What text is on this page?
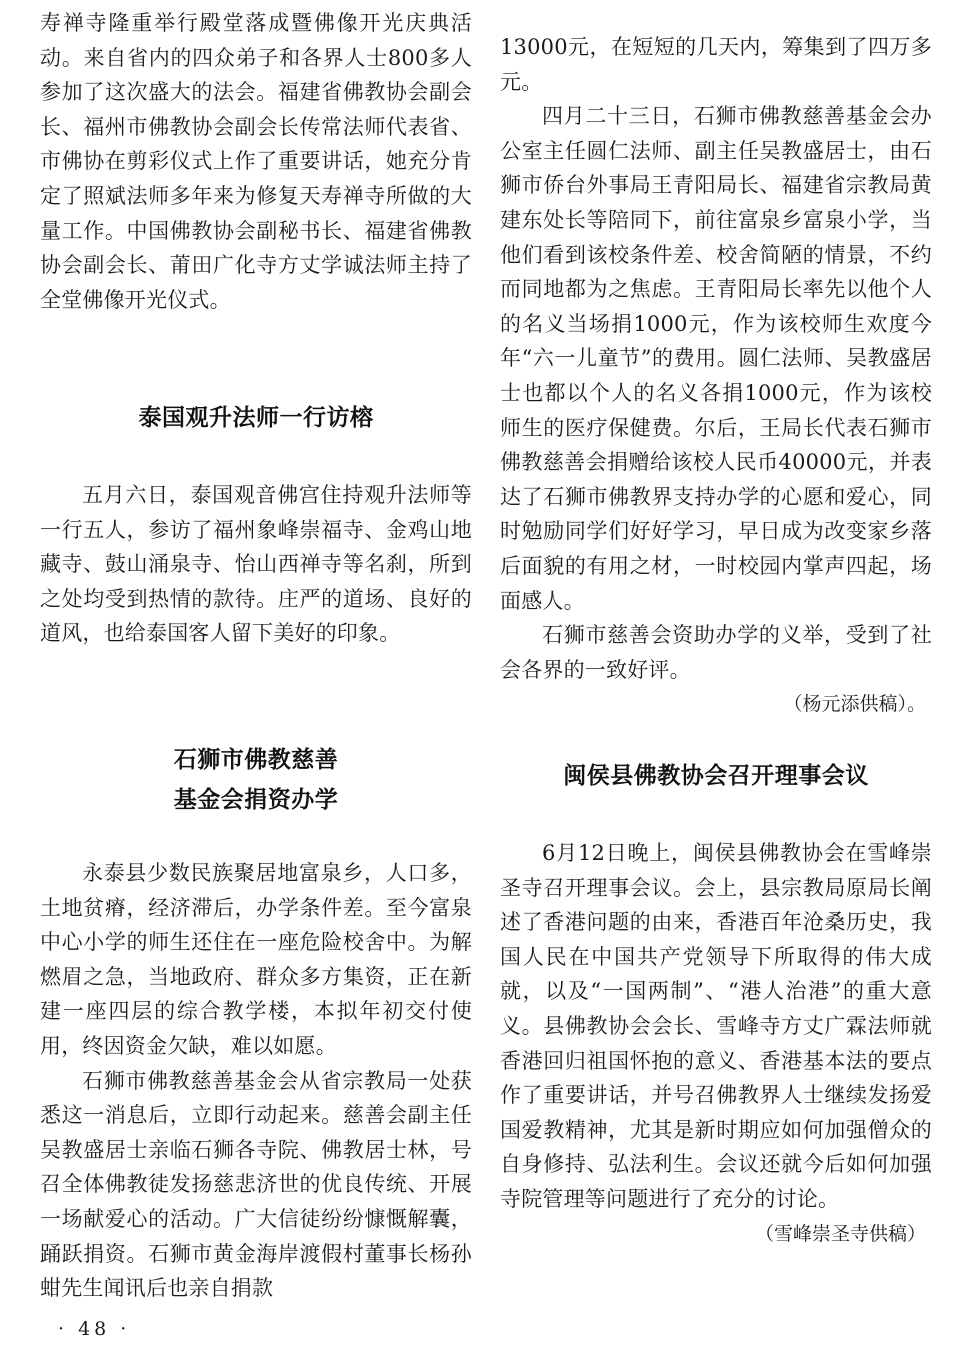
寿禅寺隆重举行殿堂落成暨佛像开光庆典活动。来自省内的四众弟子和各界人士800多人参加了这次盛大的法会。福建省佛教协会副会长、福州市佛教协会副会长传常法师代表省、市佛协在剪彩仪式上作了重要讲话，她充分肯定了照斌法师多年来为修复天寿禅寺所做的大量工作。中国佛教协会副秘书长、福建省佛教协会副会长、莆田广化寺方丈学诚法师主持了全堂佛像开光仪式。

泰国观升法师一行访榕

五月六日，泰国观音佛宫住持观升法师等一行五人，参访了福州象峰崇福寺、金鸡山地藏寺、鼓山涌泉寺、怡山西禅寺等名刹，所到之处均受到热情的款待。庄严的道场、良好的道风，也给泰国客人留下美好的印象。

石狮市佛教慈善
基金会捐资办学

永泰县少数民族聚居地富泉乡，人口多，土地贫瘠，经济滞后，办学条件差。至今富泉中心小学的师生还住在一座危险校舍中。为解燃眉之急，当地政府、群众多方集资，正在新建一座四层的综合教学楼，本拟年初交付使用，终因资金欠缺，难以如愿。

石狮市佛教慈善基金会从省宗教局一处获悉这一消息后，立即行动起来。慈善会副主任吴教盛居士亲临石狮各寺院、佛教居士林，号召全体佛教徒发扬慈悲济世的优良传统、开展一场献爱心的活动。广大信徒纷纷慷慨解囊，踊跃捐资。石狮市黄金海岸渡假村董事长杨孙蚶先生闻讯后也亲自捐款

13000元，在短短的几天内，筹集到了四万多元。

四月二十三日，石狮市佛教慈善基金会办公室主任圆仁法师、副主任吴教盛居士，由石狮市侨台外事局王青阳局长、福建省宗教局黄建东处长等陪同下，前往富泉乡富泉小学，当他们看到该校条件差、校舍简陋的情景，不约而同地都为之焦虑。王青阳局长率先以他个人的名义当场捐1000元，作为该校师生欢度今年“六一儿童节”的费用。圆仁法师、吴教盛居士也都以个人的名义各捐1000元，作为该校师生的医疗保健费。尔后，王局长代表石狮市佛教慈善会捐赠给该校人民币40000元，并表达了石狮市佛教界支持办学的心愿和爱心，同时勉励同学们好好学习，早日成为改变家乡落后面貌的有用之材，一时校园内掌声四起，场面感人。

石狮市慈善会资助办学的义举，受到了社会各界的一致好评。

（杨元添供稿）。
闽侯县佛教协会召开理事会议

6月12日晚上，闽侯县佛教协会在雪峰崇圣寺召开理事会议。会上，县宗教局原局长阐述了香港问题的由来，香港百年沧桑历史，我国人民在中国共产党领导下所取得的伟大成就，以及“一国两制”、“港人治港”的重大意义。县佛教协会会长、雪峰寺方丈广霖法师就香港回归祖国怀抱的意义、香港基本法的要点作了重要讲话，并号召佛教界人士继续发扬爱国爱教精神，尤其是新时期应如何加强僧众的自身修持、弘法利生。会议还就今后如何加强寺院管理等问题进行了充分的讨论。

（雪峰崇圣寺供稿）
· 48 ·
